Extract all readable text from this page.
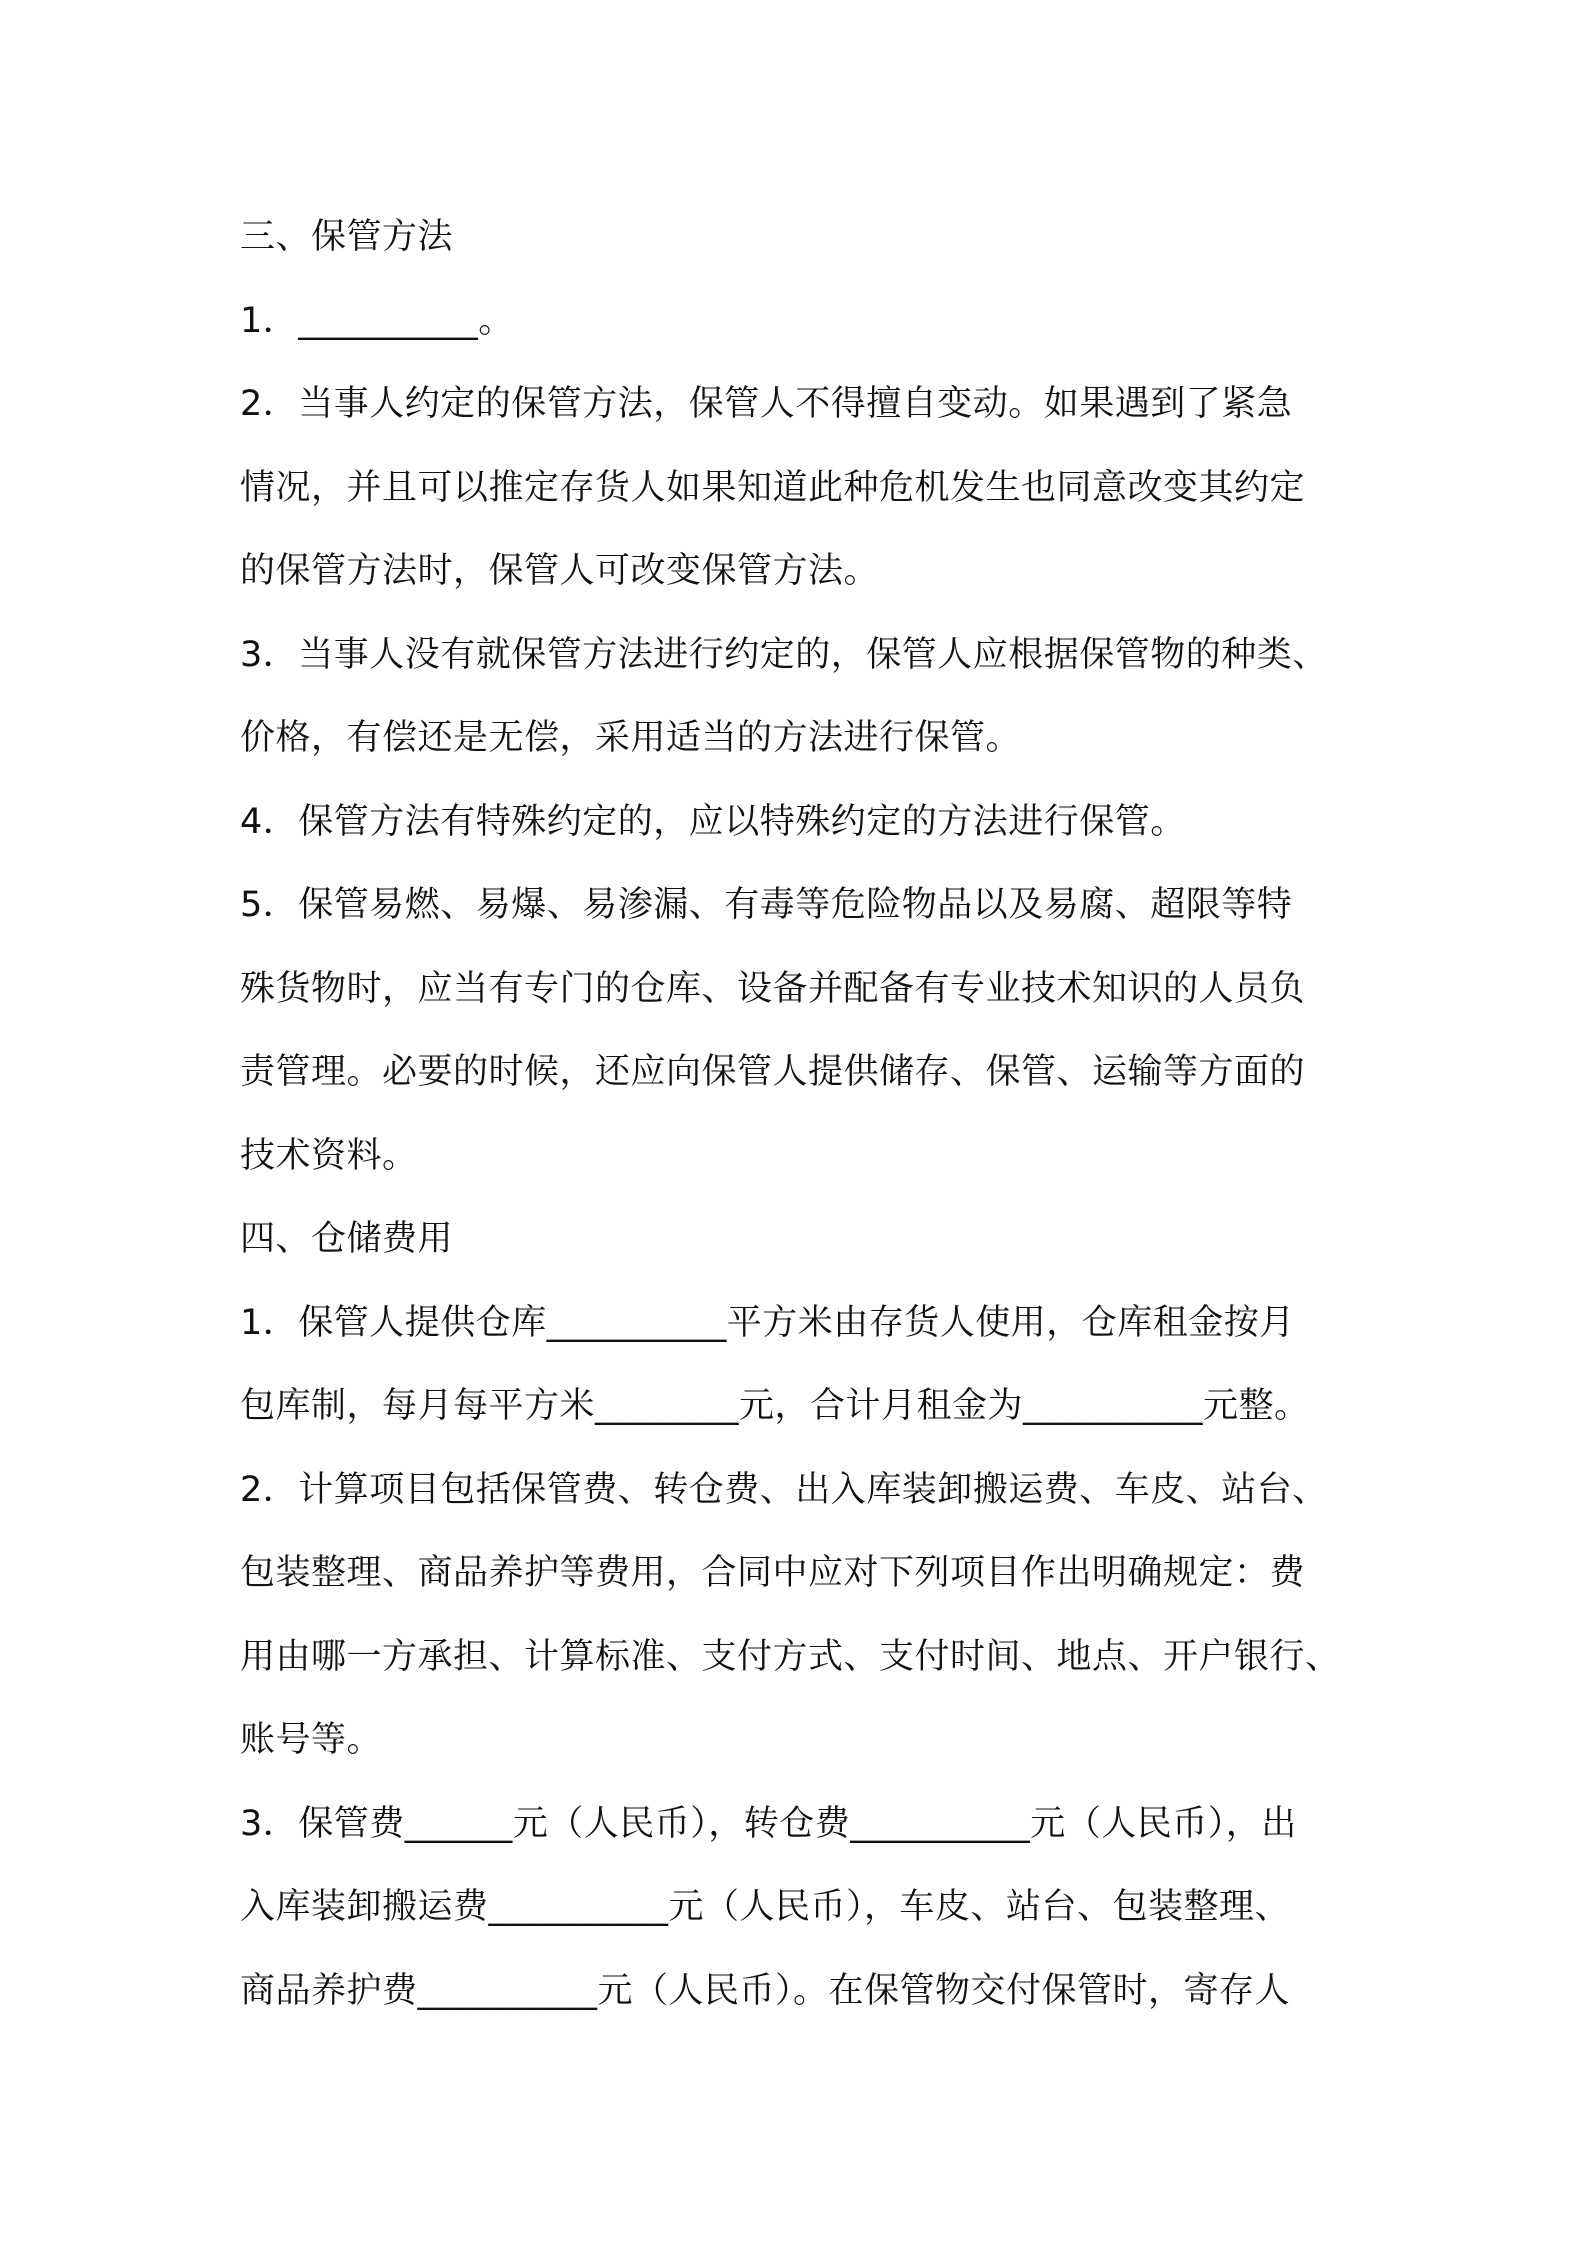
三、保管方法
1．__________。
2．当事人约定的保管方法，保管人不得擅自变动。如果遇到了紧急
情况，并且可以推定存货人如果知道此种危机发生也同意改变其约定
的保管方法时，保管人可改变保管方法。
3．当事人没有就保管方法进行约定的，保管人应根据保管物的种类、
价格，有偿还是无偿，采用适当的方法进行保管。
4．保管方法有特殊约定的，应以特殊约定的方法进行保管。
5．保管易燃、易爆、易渗漏、有毒等危险物品以及易腐、超限等特
殊货物时，应当有专门的仓库、设备并配备有专业技术知识的人员负
责管理。必要的时候，还应向保管人提供储存、保管、运输等方面的
技术资料。
四、仓储费用
1．保管人提供仓库__________平方米由存货人使用，仓库租金按月
包库制，每月每平方米________元，合计月租金为__________元整。
2．计算项目包括保管费、转仓费、出入库装卸搬运费、车皮、站台、
包装整理、商品养护等费用，合同中应对下列项目作出明确规定：费
用由哪一方承担、计算标准、支付方式、支付时间、地点、开户银行、
账号等。
3．保管费______元（人民币），转仓费__________元（人民币），出
入库装卸搬运费__________元（人民币），车皮、站台、包装整理、
商品养护费__________元（人民币）。在保管物交付保管时，寄存人
